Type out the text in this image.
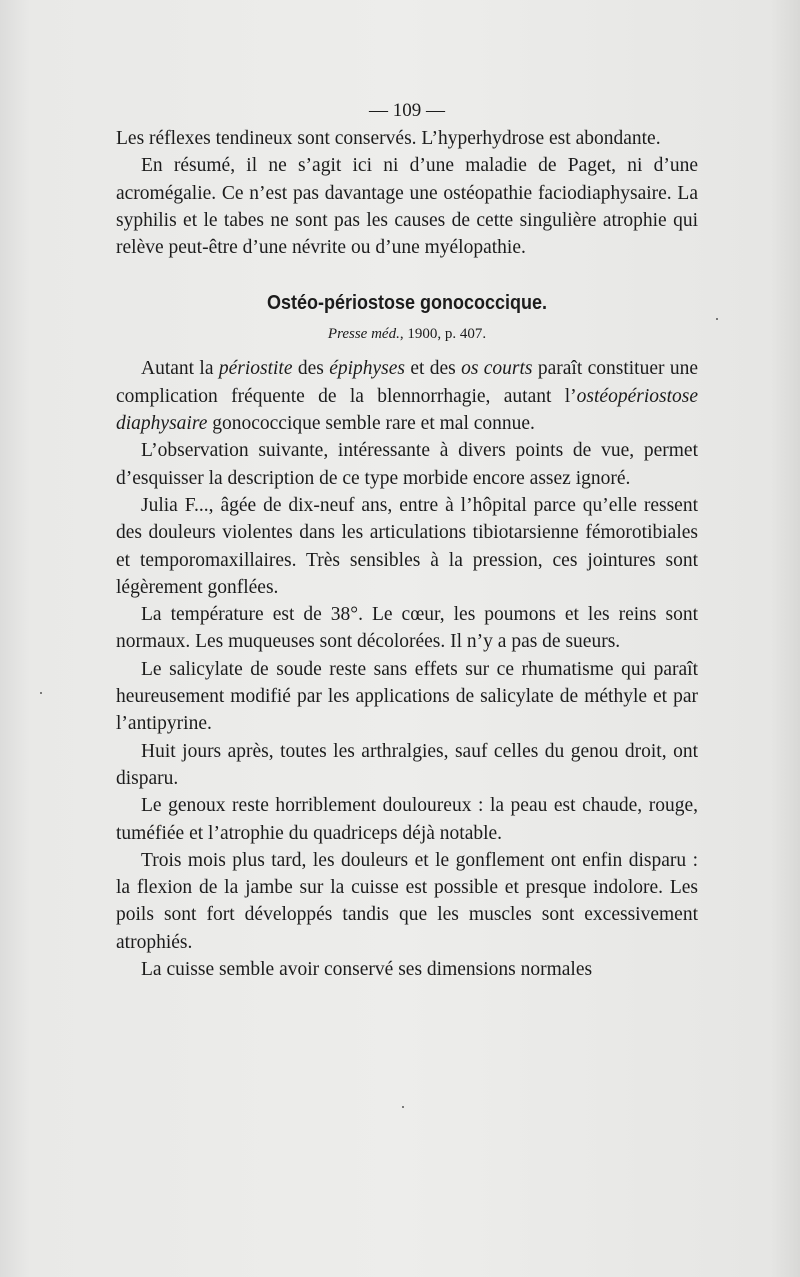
— 109 —

Les réflexes tendineux sont conservés. L’hyperhydrose est abondante.

En résumé, il ne s’agit ici ni d’une maladie de Paget, ni d’une acromégalie. Ce n’est pas davantage une ostéopathie faciodiaphysaire. La syphilis et le tabes ne sont pas les causes de cette singulière atrophie qui relève peut-être d’une névrite ou d’une myélopathie.

Ostéo-périostose gonococcique.
Presse méd., 1900, p. 407.

Autant la périostite des épiphyses et des os courts paraît constituer une complication fréquente de la blennorrhagie, autant l’ostéopériostose diaphysaire gonococcique semble rare et mal connue.

L’observation suivante, intéressante à divers points de vue, permet d’esquisser la description de ce type morbide encore assez ignoré.

Julia F..., âgée de dix-neuf ans, entre à l’hôpital parce qu’elle ressent des douleurs violentes dans les articulations tibiotarsienne fémorotibiales et temporomaxillaires. Très sensibles à la pression, ces jointures sont légèrement gonflées.

La température est de 38°. Le cœur, les poumons et les reins sont normaux. Les muqueuses sont décolorées. Il n’y a pas de sueurs.

Le salicylate de soude reste sans effets sur ce rhumatisme qui paraît heureusement modifié par les applications de salicylate de méthyle et par l’antipyrine.

Huit jours après, toutes les arthralgies, sauf celles du genou droit, ont disparu.

Le genoux reste horriblement douloureux : la peau est chaude, rouge, tuméfiée et l’atrophie du quadriceps déjà notable.

Trois mois plus tard, les douleurs et le gonflement ont enfin disparu : la flexion de la jambe sur la cuisse est possible et presque indolore. Les poils sont fort développés tandis que les muscles sont excessivement atrophiés.

La cuisse semble avoir conservé ses dimensions normales
